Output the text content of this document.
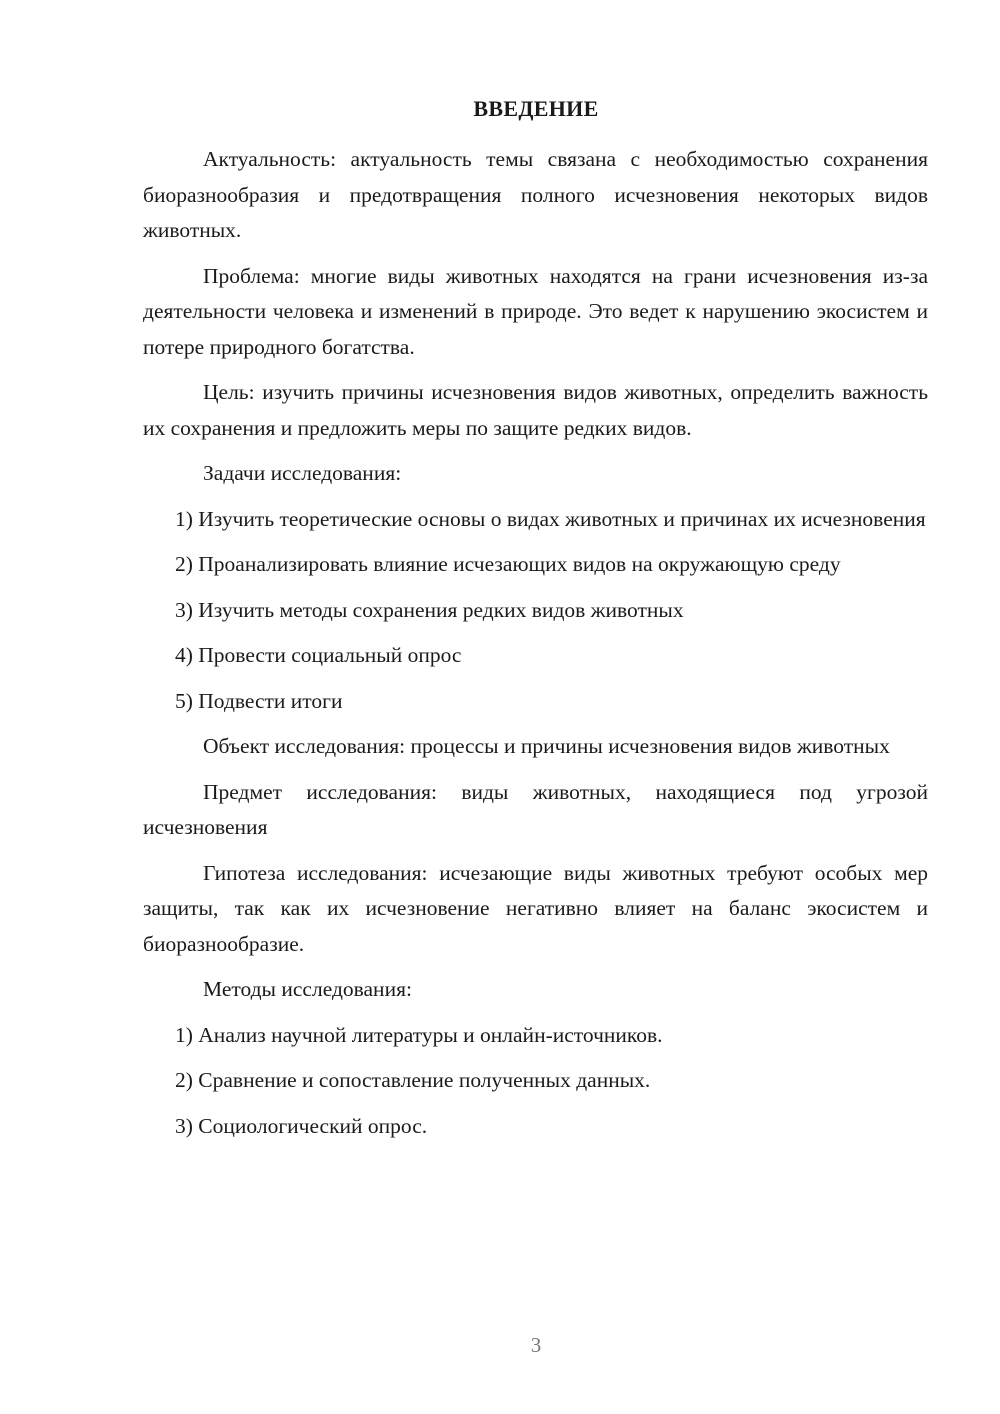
ВВЕДЕНИЕ

Актуальность: актуальность темы связана с необходимостью сохранения биоразнообразия и предотвращения полного исчезновения некоторых видов животных.

Проблема: многие виды животных находятся на грани исчезновения из-за деятельности человека и изменений в природе. Это ведет к нарушению экосистем и потере природного богатства.

Цель: изучить причины исчезновения видов животных, определить важность их сохранения и предложить меры по защите редких видов.

Задачи исследования:

1) Изучить теоретические основы о видах животных и причинах их исчезновения

2) Проанализировать влияние исчезающих видов на окружающую среду

3) Изучить методы сохранения редких видов животных

4) Провести социальный опрос

5) Подвести итоги

Объект исследования: процессы и причины исчезновения видов животных

Предмет исследования: виды животных, находящиеся под угрозой исчезновения

Гипотеза исследования: исчезающие виды животных требуют особых мер защиты, так как их исчезновение негативно влияет на баланс экосистем и биоразнообразие.

Методы исследования:

1) Анализ научной литературы и онлайн-источников.

2) Сравнение и сопоставление полученных данных.

3) Социологический опрос.

3
